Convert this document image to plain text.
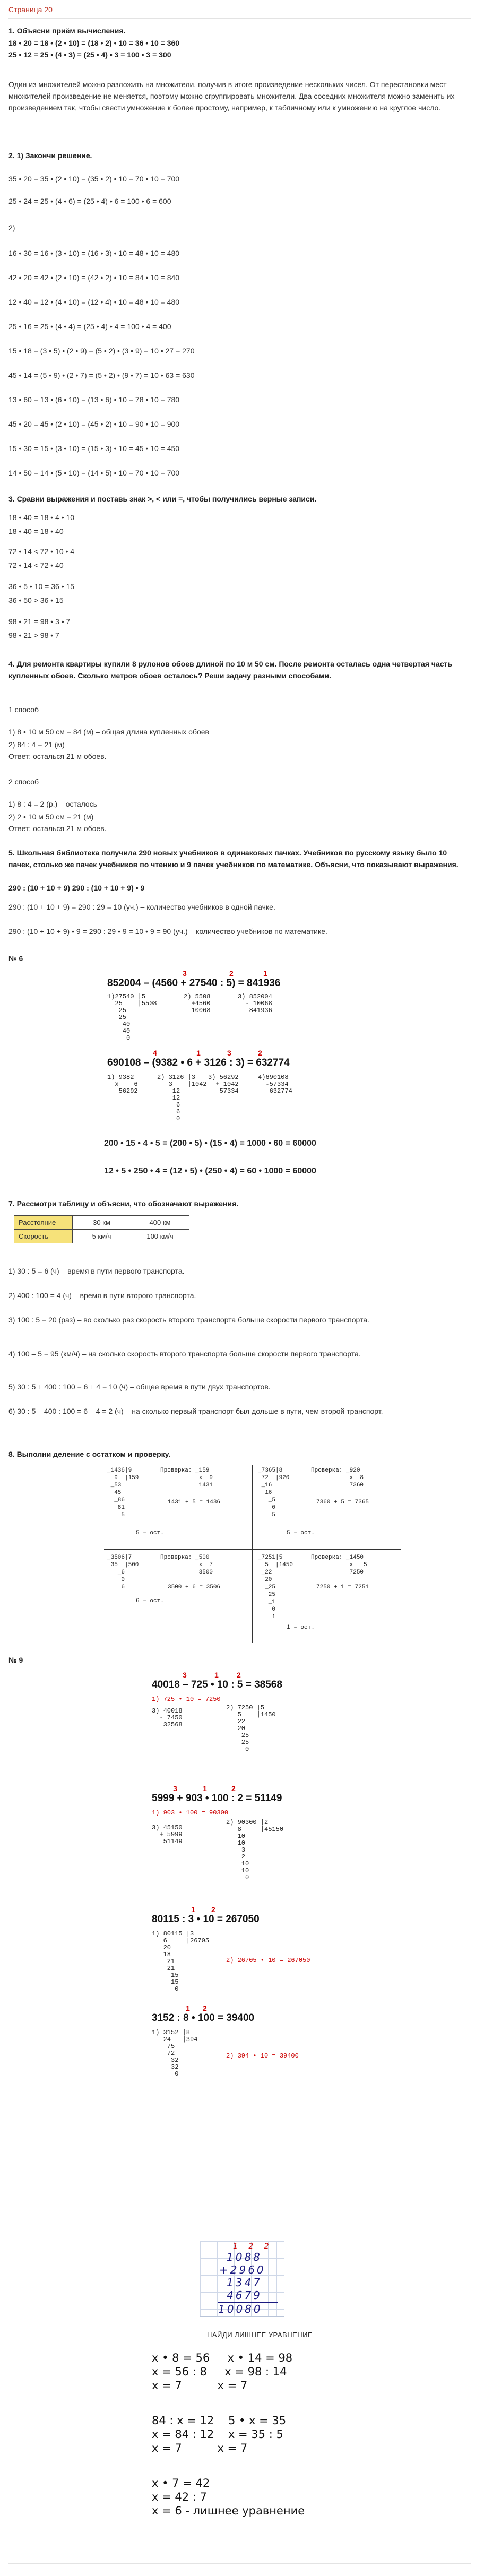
Страница 20
1. Объясни приём вычисления.
18 • 20 = 18 • (2 • 10) = (18 • 2) • 10 = 36 • 10 = 360
25 • 12 = 25 • (4 • 3) = (25 • 4) • 3 = 100 • 3 = 300
Один из множителей можно разложить на множители, получив в итоге произведение нескольких чисел. От перестановки мест множителей произведение не меняется, поэтому можно сгруппировать множители. Два соседних множителя можно заменить их произведением так, чтобы свести умножение к более простому, например, к табличному или к умножению на круглое число.
2. 1) Закончи решение.
35 • 20 = 35 • (2 • 10) = (35 • 2) • 10 = 70 • 10 = 700
25 • 24 = 25 • (4 • 6) = (25 • 4) • 6 = 100 • 6 = 600
2)
16 • 30 = 16 • (3 • 10) = (16 • 3) • 10 = 48 • 10 = 480
42 • 20 = 42 • (2 • 10) = (42 • 2) • 10 = 84 • 10 = 840
12 • 40 = 12 • (4 • 10) = (12 • 4) • 10 = 48 • 10 = 480
25 • 16 = 25 • (4 • 4) = (25 • 4) • 4 = 100 • 4 = 400
15 • 18 = (3 • 5) • (2 • 9) = (5 • 2) • (3 • 9) = 10 • 27 = 270
45 • 14 = (5 • 9) • (2 • 7) = (5 • 2) • (9 • 7) = 10 • 63 = 630
13 • 60 = 13 • (6 • 10) = (13 • 6) • 10 = 78 • 10 = 780
45 • 20 = 45 • (2 • 10) = (45 • 2) • 10 = 90 • 10 = 900
15 • 30 = 15 • (3 • 10) = (15 • 3) • 10 = 45 • 10 = 450
14 • 50 = 14 • (5 • 10) = (14 • 5) • 10 = 70 • 10 = 700
3. Сравни выражения и поставь знак >, < или =, чтобы получились верные записи.
18 • 40 = 18 • 4 • 10
18 • 40 = 18 • 40
72 • 14 < 72 • 10 • 4
72 • 14 < 72 • 40
36 • 5 • 10 = 36 • 15
36 • 50 > 36 • 15
98 • 21 = 98 • 3 • 7
98 • 21 > 98 • 7
4. Для ремонта квартиры купили 8 рулонов обоев длиной по 10 м 50 см. После ремонта осталась одна четвертая часть купленных обоев. Сколько метров обоев осталось? Реши задачу разными способами.
1 способ
1) 8 • 10 м 50 см = 84 (м) – общая длина купленных обоев
2) 84 : 4 = 21 (м)
Ответ: осталься 21 м обоев.
2 способ
1) 8 : 4 = 2 (р.) – осталось
2) 2 • 10 м 50 см = 21 (м)
Ответ: осталься 21 м обоев.
5. Школьная библиотека получила 290 новых учебников в одинаковых пачках. Учебников по русскому языку было 10 пачек, столько же пачек учебников по чтению и 9 пачек учебников по математике. Объясни, что показывают выражения.
290 : (10 + 10 + 9) 290 : (10 + 10 + 9) • 9
290 : (10 + 10 + 9) = 290 : 29 = 10 (уч.) – количество учебников в одной пачке.
290 : (10 + 10 + 9) • 9 = 290 : 29 • 9 = 10 • 9 = 90 (уч.) – количество учебников по математике.
№ 6
3	2	1
852004 – (4560 + 27540 : 5) = 841936
1)27540 |5
25    |5508
25
25
40
40
0
2) 5508
+4560
10068
3) 852004
- 10068
841936
4	1	3	2
690108 – (9382 • 6 + 3126 : 3) = 632774
1) 9382
x    6
56292
2) 3126 |3
3    |1042
12
12
6
6
0
3) 56292
+ 1042
57334
4)690108
-57334
632774
200 • 15 • 4 • 5 = (200 • 5) • (15 • 4) = 1000 • 60 = 60000
12 • 5 • 250 • 4 = (12 • 5) • (250 • 4) = 60 • 1000 = 60000
7. Рассмотри таблицу и объясни, что обозначают выражения.
Расстояние	30 км	400 км
Скорость	5 км/ч	100 км/ч
1) 30 : 5 = 6 (ч) – время в пути первого транспорта.
2) 400 : 100 = 4 (ч) – время в пути второго транспорта.
3) 100 : 5 = 20 (раз) – во сколько раз скорость второго транспорта больше скорости первого транспорта.
4) 100 – 5 = 95 (км/ч) – на сколько скорость второго транспорта больше скорости первого транспорта.
5) 30 : 5 + 400 : 100 = 6 + 4 = 10 (ч) – общее время в пути двух транспортов.
6) 30 : 5 – 400 : 100 = 6 – 4 = 2 (ч) – на сколько первый транспорт был дольше в пути, чем второй транспорт.
8. Выполни деление с остатком и проверку.
_1436|9
9  |159
_53
45
_86
81
5
Проверка: _159
x  9
1431
1431 + 5 = 1436
5 – ост.
_7365|8
72  |920
_16
16
_5
0
5
Проверка: _920
x  8
7360
7360 + 5 = 7365
5 – ост.
_3506|7
35  |500
_6
0
6
Проверка: _500
x  7
3500
3500 + 6 = 3506
6 – ост.
_7251|5
5  |1450
_22
20
_25
25
_1
0
1
Проверка: _1450
x   5
7250
7250 + 1 = 7251
1 – ост.
№ 9
3	1 2
40018 – 725 • 10 : 5 = 38568
1) 725 • 10 = 7250
2) 7250 |5
5    |1450
22
20
25
25
0
3) 40018
- 7450
32568
3	1	2
5999 + 903 • 100 : 2 = 51149
1) 903 • 100 = 90300
2) 90300 |2
8     |45150
10
10
3
2
10
10
0
3) 45150
+ 5999
51149
1 2
80115 : 3 • 10 = 267050
1) 80115 |3
6     |26705
20
18
21
21
15
15
0
2) 26705 • 10 = 267050
1 2
3152 : 8 • 100 = 39400
1) 3152 |8
24   |394
75
72
32
32
0
2) 394 • 10 = 39400
1 2 2
1088
+2960
1347
4679
10080
НАЙДИ ЛИШНЕЕ УРАВНЕНИЕ
x • 8 = 56     x • 14 = 98
x = 56 : 8     x = 98 : 14
x = 7          x = 7
84 : x = 12    5 • x = 35
x = 84 : 12    x = 35 : 5
x = 7          x = 7
x • 7 = 42
x = 42 : 7
x = 6 - лишнее уравнение
